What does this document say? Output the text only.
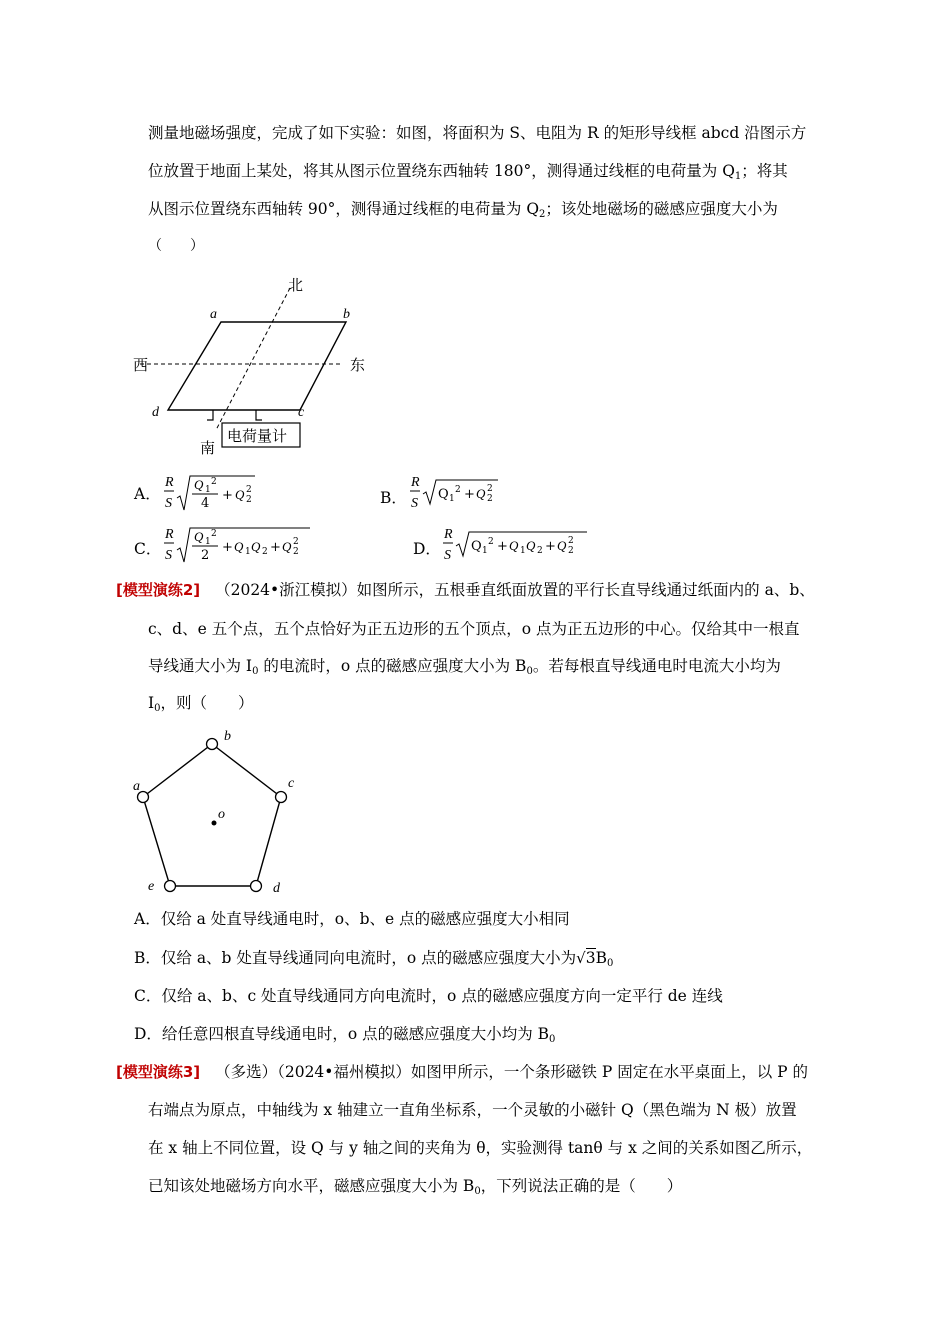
测量地磁场强度，完成了如下实验：如图，将面积为 S、电阻为 R 的矩形导线框 abcd 沿图示方
位放置于地面上某处，将其从图示位置绕东西轴转 180°，测得通过线框的电荷量为 $Q_1$；将其
从图示位置绕东西轴转 90°，测得通过线框的电荷量为 $Q_2$；该处地磁场的磁感应强度大小为
（　　）
北
南
西	东
a	b
c
d
电荷量计
A．
R
S
Q 1
2
4
+ Q 2
2	B．
R
S
Q 1
2 + Q 2
2
C．
R
S
Q 1
2
2
+ Q 1 Q 2 + Q 2
2	D．
R
S
Q 1
2 + Q 1 Q 2 + Q 2
2
[模型演练2] （2024•浙江模拟）如图所示，五根垂直纸面放置的平行长直导线通过纸面内的 a、b、
c、d、e 五个点，五个点恰好为正五边形的五个顶点，o 点为正五边形的中心。仅给其中一根直
导线通大小为 $I_0$ 的电流时，o 点的磁感应强度大小为 $B_0$。若每根直导线通电时电流大小均为
$I_0$，则（　　）
b
c
d
e
a
o
A．仅给 a 处直导线通电时，o、b、e 点的磁感应强度大小相同
B．仅给 a、b 处直导线通同向电流时，o 点的磁感应强度大小为$√3B_0$
C．仅给 a、b、c 处直导线通同方向电流时，o 点的磁感应强度方向一定平行 de 连线
D．给任意四根直导线通电时，o 点的磁感应强度大小均为 $B_0$
[模型演练3] （多选）（2024•福州模拟）如图甲所示，一个条形磁铁 P 固定在水平桌面上，以 P 的
右端点为原点，中轴线为 x 轴建立一直角坐标系，一个灵敏的小磁针 Q（黑色端为 N 极）放置
在 x 轴上不同位置，设 Q 与 y 轴之间的夹角为 θ，实验测得 tanθ 与 x 之间的关系如图乙所示，
已知该处地磁场方向水平，磁感应强度大小为 $B_0$，下列说法正确的是（　　）
